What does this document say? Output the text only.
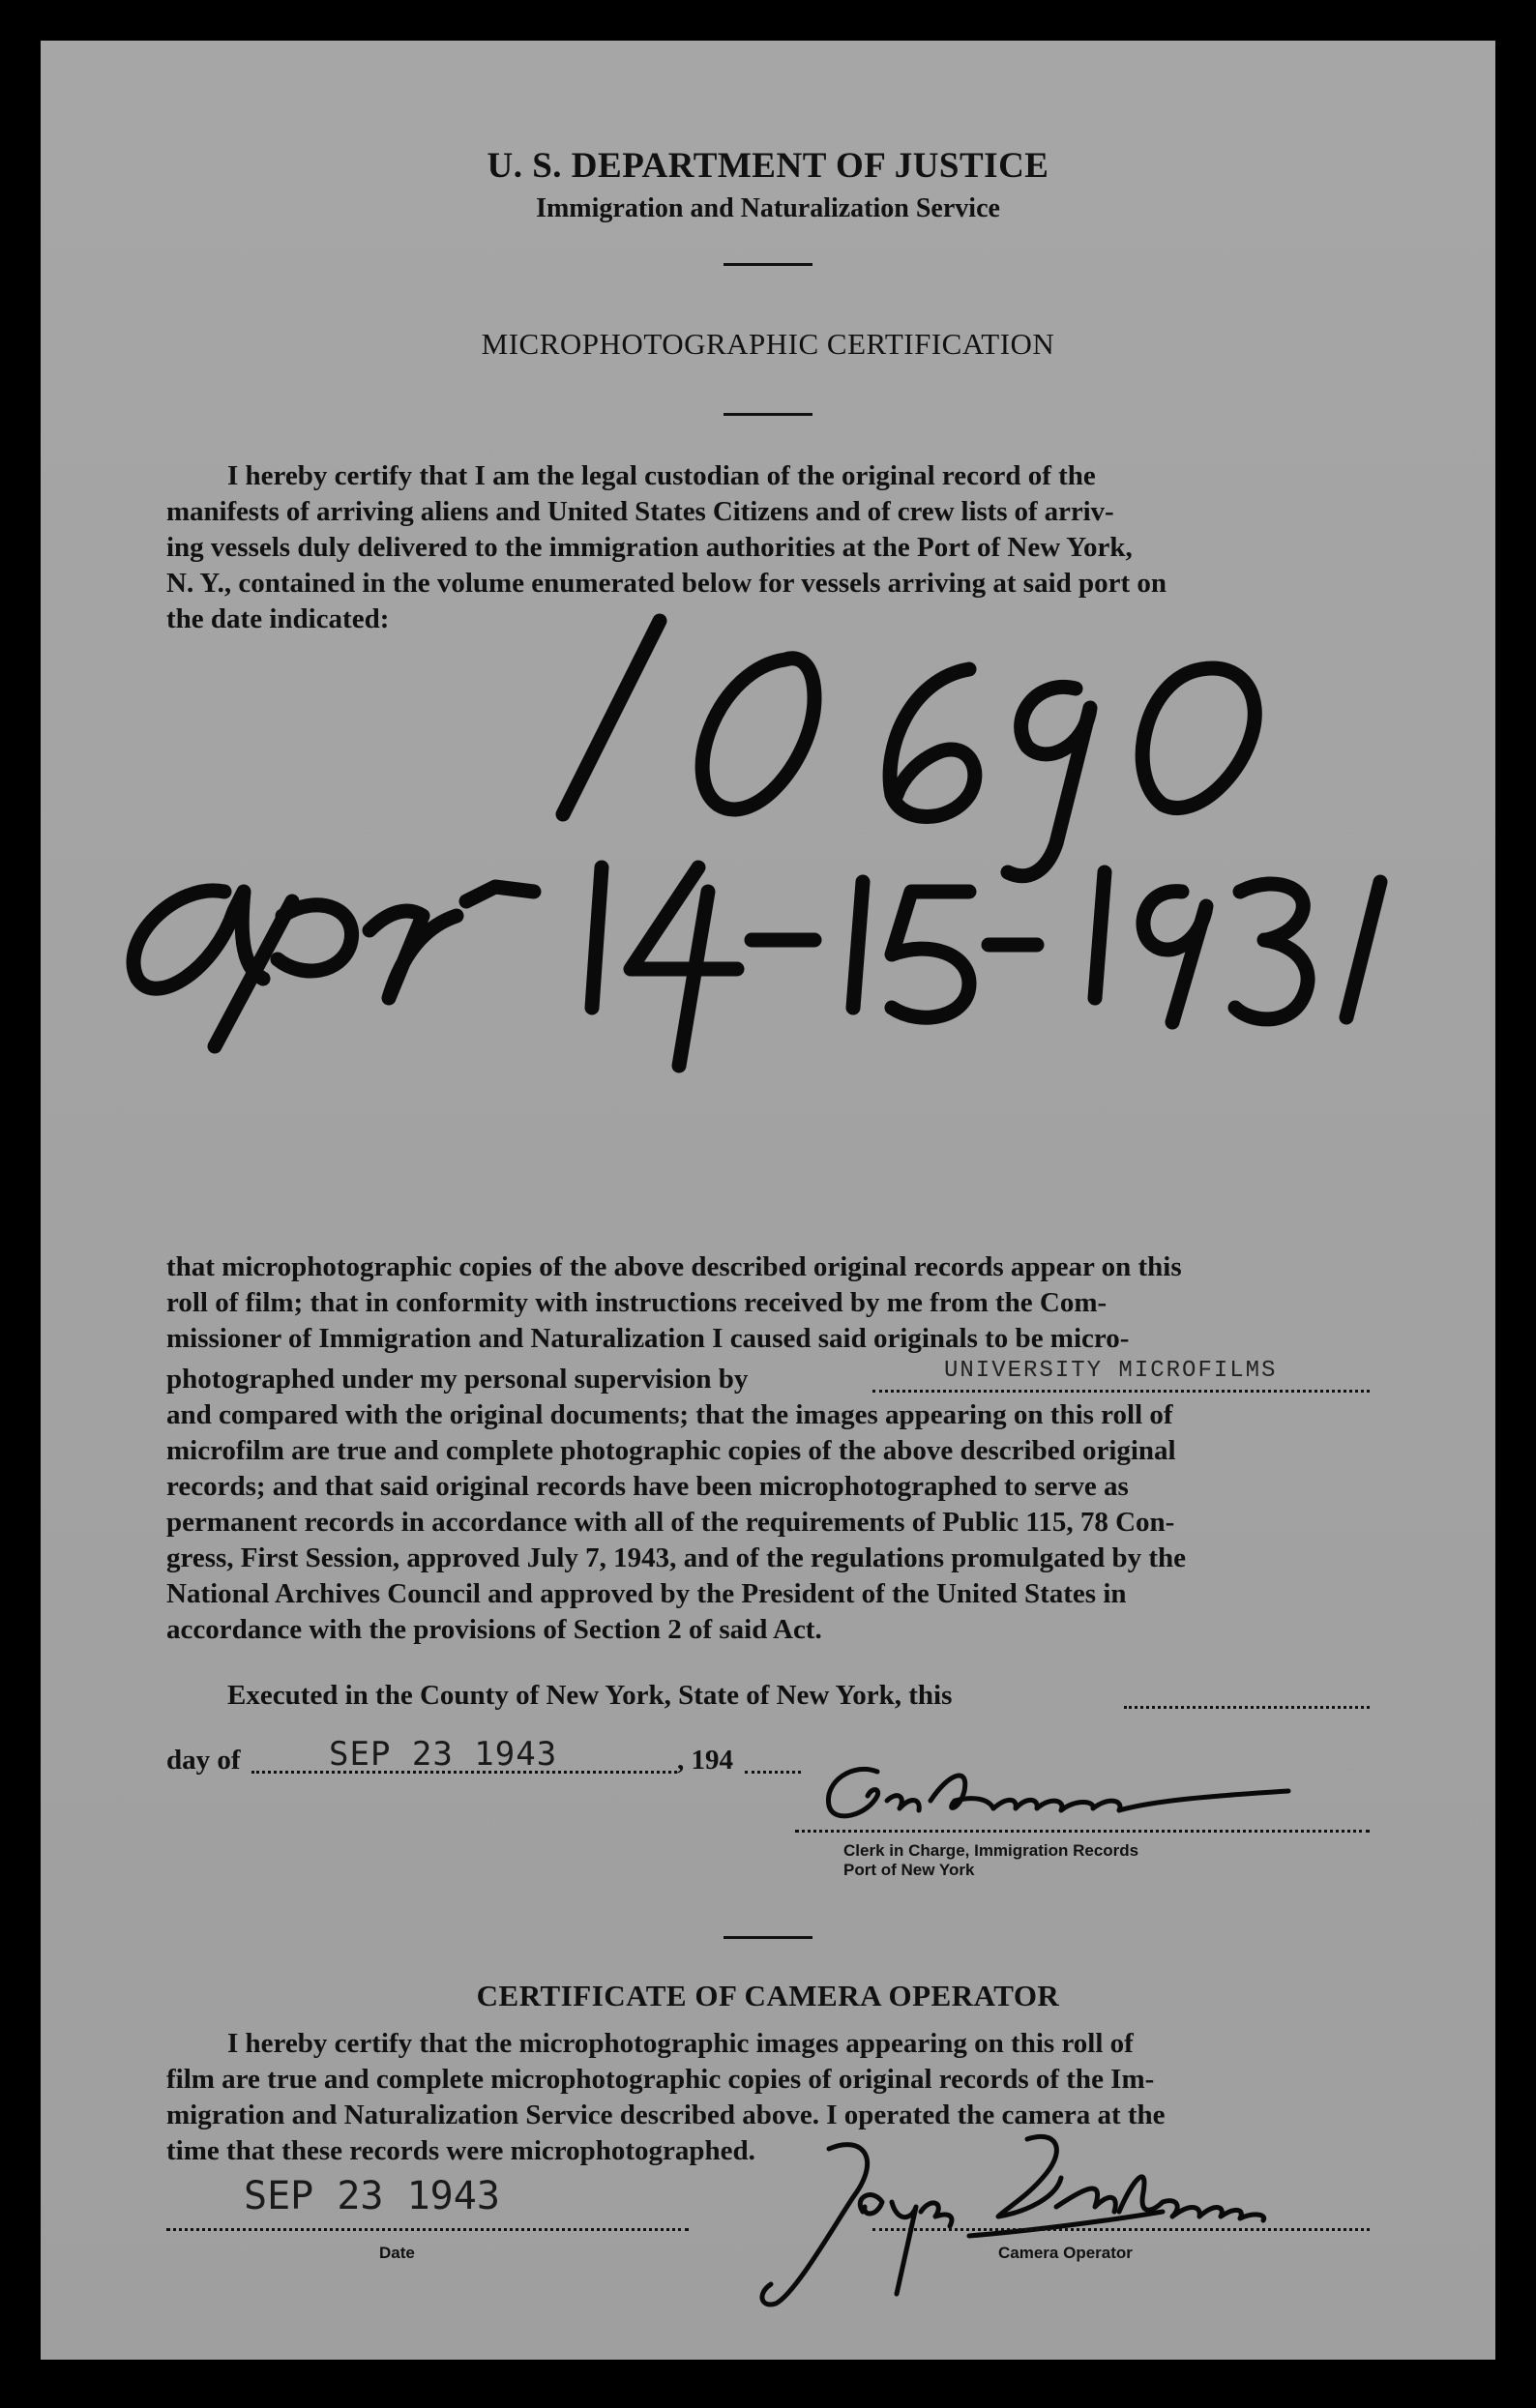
U. S. DEPARTMENT OF JUSTICE
Immigration and Naturalization Service
MICROPHOTOGRAPHIC CERTIFICATION
I hereby certify that I am the legal custodian of the original record of the
manifests of arriving aliens and United States Citizens and of crew lists of arriv-
ing vessels duly delivered to the immigration authorities at the Port of New York,
N. Y., contained in the volume enumerated below for vessels arriving at said port on
the date indicated:
that microphotographic copies of the above described original records appear on this
roll of film; that in conformity with instructions received by me from the Com-
missioner of Immigration and Naturalization I caused said originals to be micro-
photographed under my personal supervision by	UNIVERSITY MICROFILMS
and compared with the original documents; that the images appearing on this roll of
microfilm are true and complete photographic copies of the above described original
records; and that said original records have been microphotographed to serve as
permanent records in accordance with all of the requirements of Public 115, 78 Con-
gress, First Session, approved July 7, 1943, and of the regulations promulgated by the
National Archives Council and approved by the President of the United States in
accordance with the provisions of Section 2 of said Act.
Executed in the County of New York, State of New York, this
day of	SEP 23 1943	, 194
Clerk in Charge, Immigration Records
Port of New York
CERTIFICATE OF CAMERA OPERATOR
I hereby certify that the microphotographic images appearing on this roll of
film are true and complete microphotographic copies of original records of the Im-
migration and Naturalization Service described above. I operated the camera at the
time that these records were microphotographed.
SEP 23 1943
Date	Camera Operator
